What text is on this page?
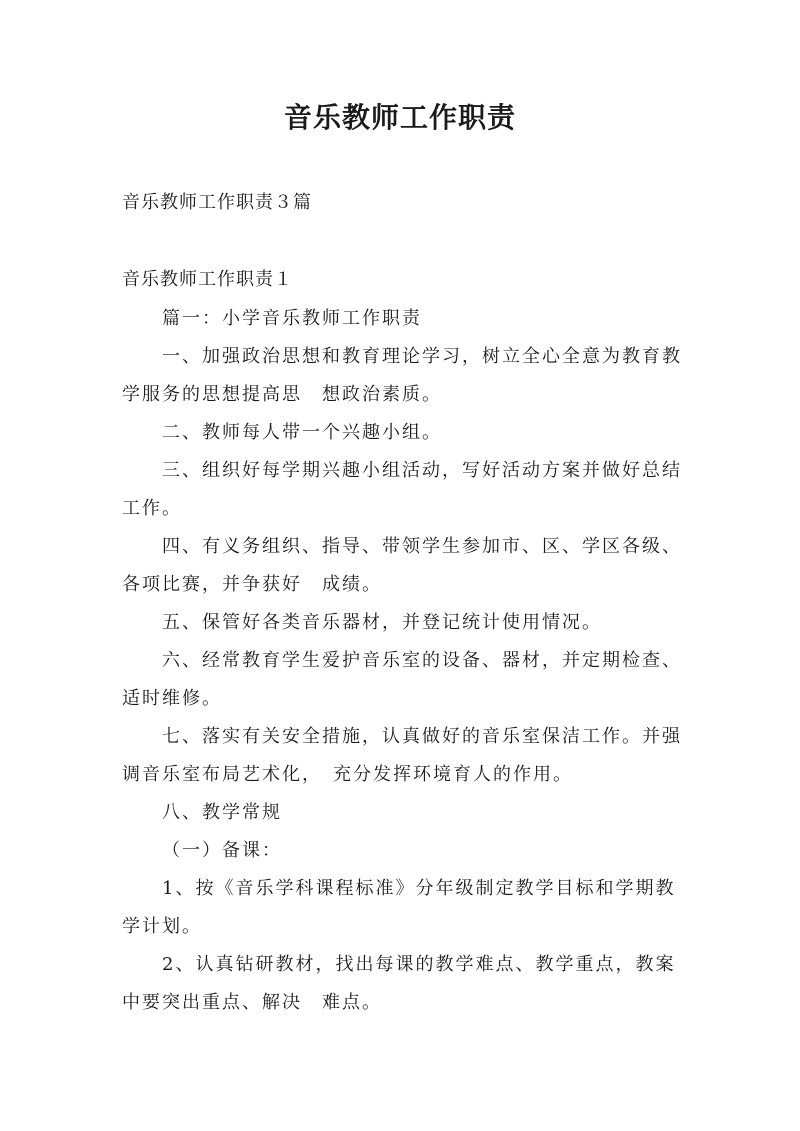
音乐教师工作职责

音乐教师工作职责３篇

音乐教师工作职责１

篇一：小学音乐教师工作职责

一、加强政治思想和教育理论学习，树立全心全意为教育教学服务的思想提高思　想政治素质。

二、教师每人带一个兴趣小组。

三、组织好每学期兴趣小组活动，写好活动方案并做好总结工作。

四、有义务组织、指导、带领学生参加市、区、学区各级、各项比赛，并争获好　成绩。

五、保管好各类音乐器材，并登记统计使用情况。

六、经常教育学生爱护音乐室的设备、器材，并定期检查、适时维修。

七、落实有关安全措施，认真做好的音乐室保洁工作。并强调音乐室布局艺术化，　充分发挥环境育人的作用。

八、教学常规

（一）备课：

1、按《音乐学科课程标准》分年级制定教学目标和学期教学计划。

2、认真钻研教材，找出每课的教学难点、教学重点，教案中要突出重点、解决　难点。
